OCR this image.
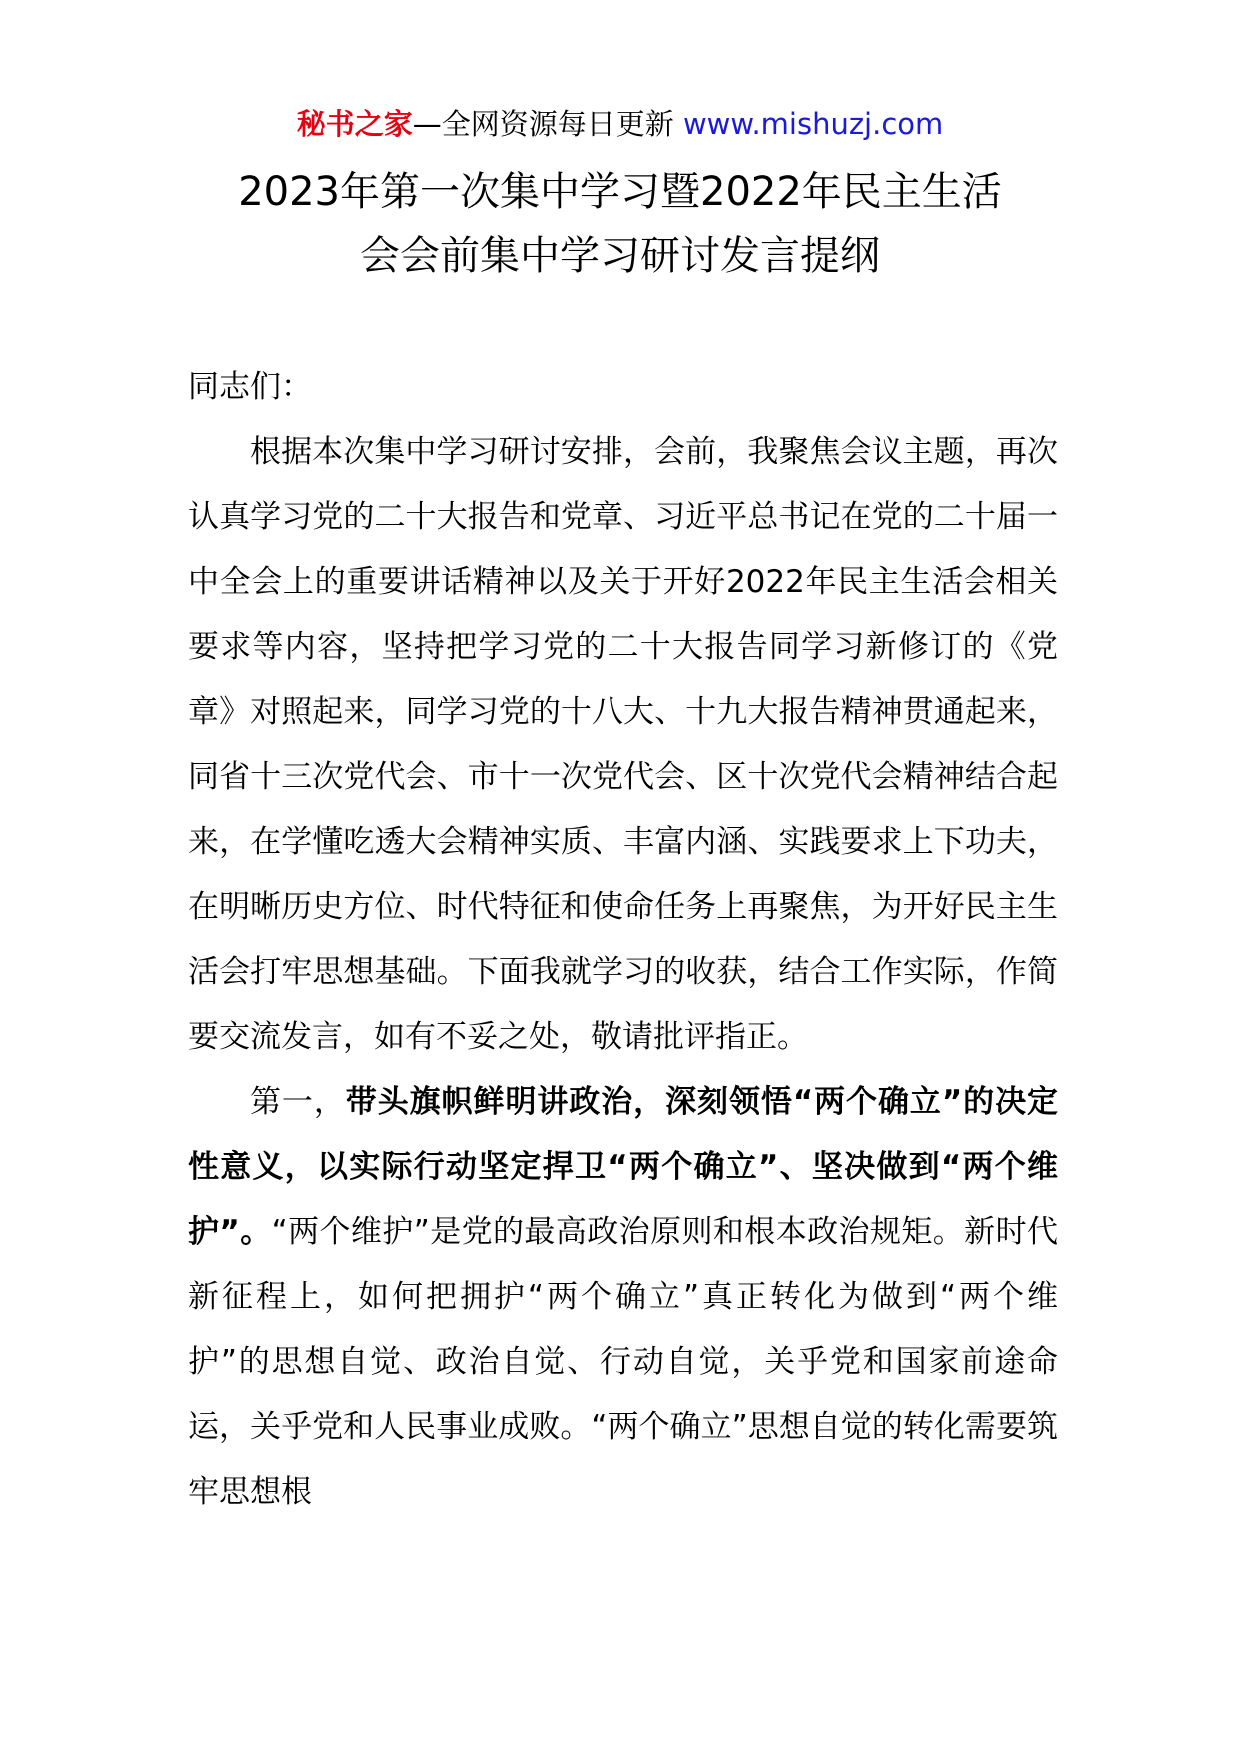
秘书之家—全网资源每日更新 www.mishuzj.com
2023年第一次集中学习暨2022年民主生活
会会前集中学习研讨发言提纲

同志们：

根据本次集中学习研讨安排，会前，我聚焦会议主题，再次认真学习党的二十大报告和党章、习近平总书记在党的二十届一中全会上的重要讲话精神以及关于开好2022年民主生活会相关要求等内容，坚持把学习党的二十大报告同学习新修订的《党章》对照起来，同学习党的十八大、十九大报告精神贯通起来，同省十三次党代会、市十一次党代会、区十次党代会精神结合起来，在学懂吃透大会精神实质、丰富内涵、实践要求上下功夫，在明晰历史方位、时代特征和使命任务上再聚焦，为开好民主生活会打牢思想基础。下面我就学习的收获，结合工作实际，作简要交流发言，如有不妥之处，敬请批评指正。

第一，带头旗帜鲜明讲政治，深刻领悟“两个确立”的决定性意义，以实际行动坚定捍卫“两个确立”、坚决做到“两个维护”。“两个维护”是党的最高政治原则和根本政治规矩。新时代新征程上，如何把拥护“两个确立”真正转化为做到“两个维护”的思想自觉、政治自觉、行动自觉，关乎党和国家前途命运，关乎党和人民事业成败。“两个确立”思想自觉的转化需要筑牢思想根
